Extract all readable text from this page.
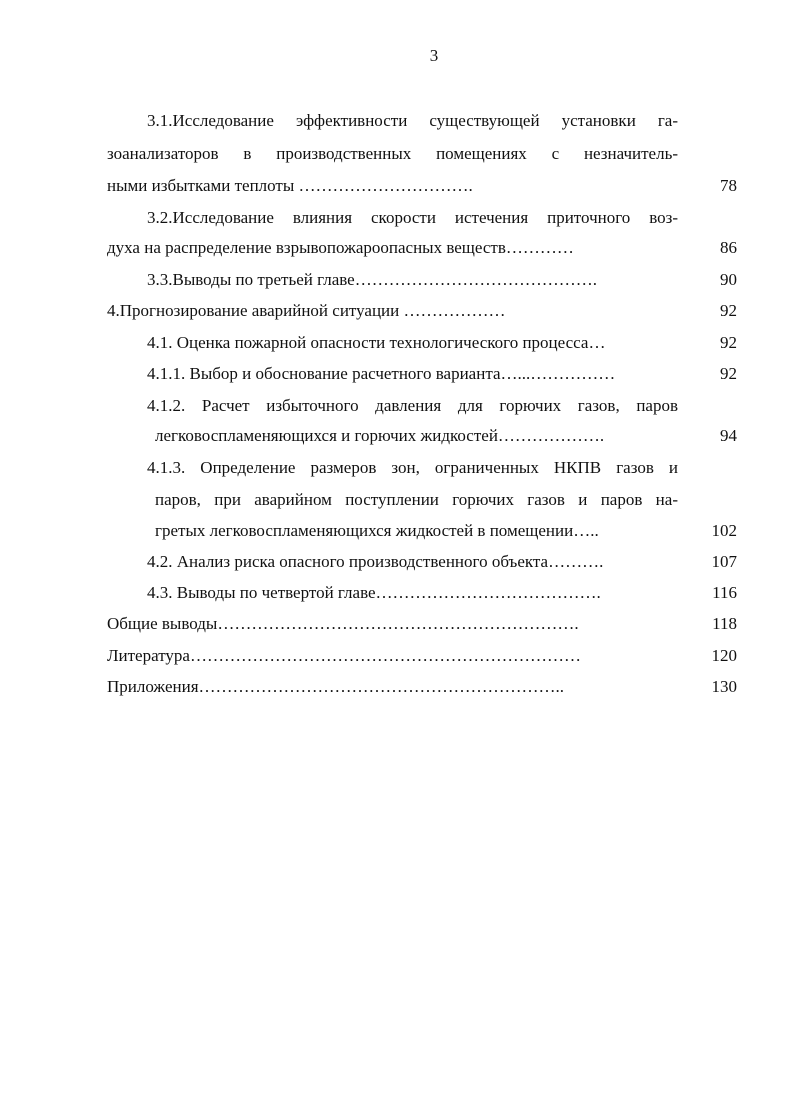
3
3.1.Исследование эффективности существующей установки га-
зоанализаторов в производственных помещениях с незначитель-
ными избытками теплоты ………………………….	78
3.2.Исследование влияния скорости истечения приточного воз-
духа на распределение взрывопожароопасных веществ…………	86
3.3.Выводы по третьей главе…………………………………….	90
4.Прогнозирование аварийной ситуации ………………	92
4.1. Оценка пожарной опасности технологического процесса…	92
4.1.1. Выбор и обоснование расчетного варианта…...……………	92
4.1.2. Расчет избыточного давления для горючих газов, паров
легковоспламеняющихся и горючих жидкостей……………….	94
4.1.3. Определение размеров зон, ограниченных НКПВ газов и
паров, при аварийном поступлении горючих газов и паров на-
гретых легковоспламеняющихся жидкостей в помещении…..	102
4.2. Анализ риска опасного производственного объекта……….	107
4.3. Выводы по четвертой главе………………………………….	116
Общие выводы……………………………………………………….	118
Литература……………………………………………………………	120
Приложения………………………………………………………..	130
